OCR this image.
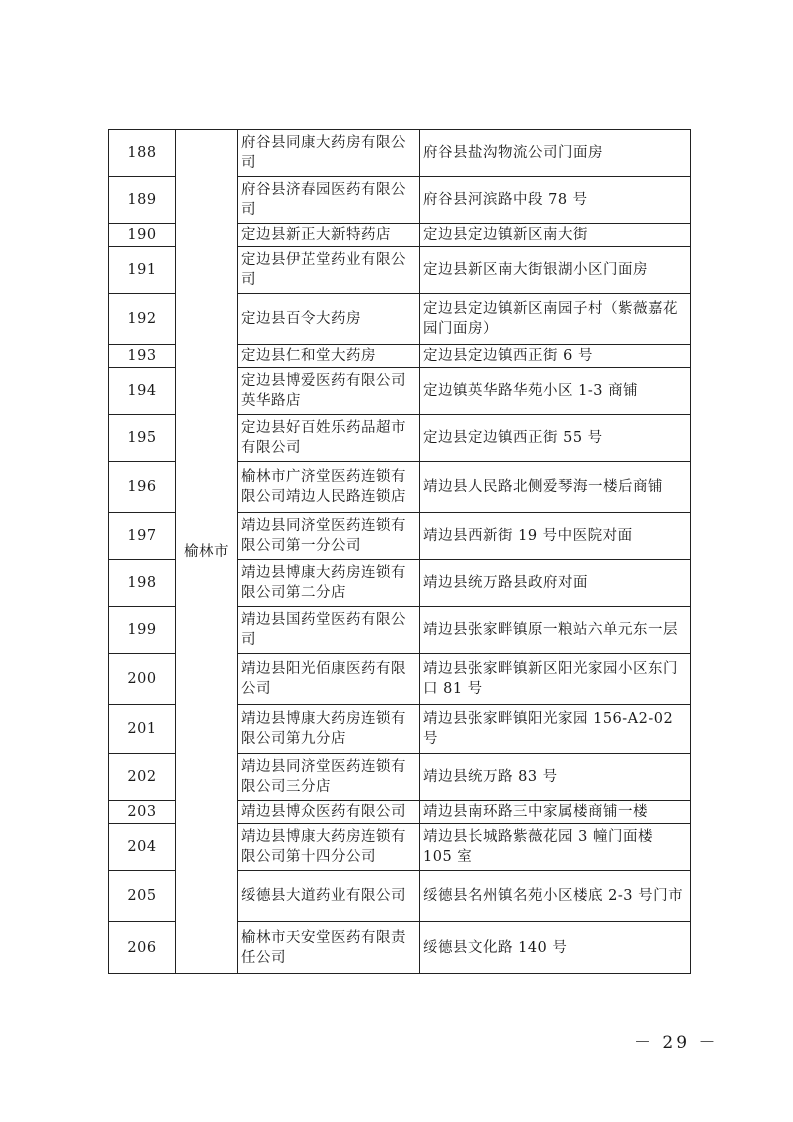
188	榆林市	府谷县同康大药房有限公司	府谷县盐沟物流公司门面房
189		府谷县济春园医药有限公司	府谷县河滨路中段 78 号
190		定边县新正大新特药店	定边县定边镇新区南大街
191		定边县伊芷堂药业有限公司	定边县新区南大街银湖小区门面房
192		定边县百令大药房	定边县定边镇新区南园子村（紫薇嘉花园门面房）
193		定边县仁和堂大药房	定边县定边镇西正街 6 号
194		定边县博爱医药有限公司英华路店	定边镇英华路华苑小区 1-3 商铺
195		定边县好百姓乐药品超市有限公司	定边县定边镇西正街 55 号
196		榆林市广济堂医药连锁有限公司靖边人民路连锁店	靖边县人民路北侧爱琴海一楼后商铺
197		靖边县同济堂医药连锁有限公司第一分公司	靖边县西新街 19 号中医院对面
198		靖边县博康大药房连锁有限公司第二分店	靖边县统万路县政府对面
199		靖边县国药堂医药有限公司	靖边县张家畔镇原一粮站六单元东一层
200		靖边县阳光佰康医药有限公司	靖边县张家畔镇新区阳光家园小区东门口 81 号
201		靖边县博康大药房连锁有限公司第九分店	靖边县张家畔镇阳光家园 156-A2-02 号
202		靖边县同济堂医药连锁有限公司三分店	靖边县统万路 83 号
203		靖边县博众医药有限公司	靖边县南环路三中家属楼商铺一楼
204		靖边县博康大药房连锁有限公司第十四分公司	靖边县长城路紫薇花园 3 幢门面楼 105 室
205		绥德县大道药业有限公司	绥德县名州镇名苑小区楼底 2-3 号门市
206		榆林市天安堂医药有限责任公司	绥德县文化路 140 号
－ 29 －
